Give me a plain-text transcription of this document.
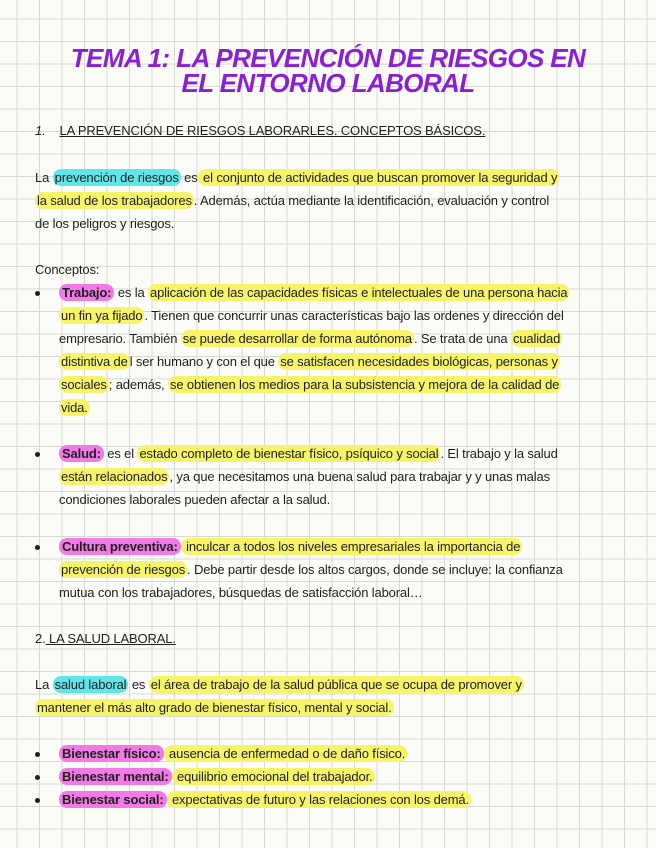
TEMA 1: LA PREVENCIÓN DE RIESGOS EN
EL ENTORNO LABORAL
1. LA PREVENCIÓN DE RIESGOS LABORARLES. CONCEPTOS BÁSICOS.
La prevención de riesgos es el conjunto de actividades que buscan promover la seguridad y
la salud de los trabajadores . Además, actúa mediante la identificación, evaluación y control
de los peligros y riesgos.
Conceptos:
Trabajo: es la aplicación de las capacidades físicas e intelectuales de una persona hacia
un fin ya fijado . Tienen que concurrir unas características bajo las ordenes y dirección del
empresario. También se puede desarrollar de forma autónoma . Se trata de una cualidad
distintiva de l ser humano y con el que se satisfacen necesidades biológicas, personas y
sociales ; además, se obtienen los medios para la subsistencia y mejora de la calidad de
vida.
Salud: es el estado completo de bienestar físico, psíquico y social . El trabajo y la salud
están relacionados , ya que necesitamos una buena salud para trabajar y y unas malas
condiciones laborales pueden afectar a la salud.
Cultura preventiva: inculcar a todos los niveles empresariales la importancia de
prevención de riesgos . Debe partir desde los altos cargos, donde se incluye: la confianza
mutua con los trabajadores, búsquedas de satisfacción laboral…
2. LA SALUD LABORAL.
La salud laboral es el área de trabajo de la salud pública que se ocupa de promover y
mantener el más alto grado de bienestar físico, mental y social.
Bienestar físico: ausencia de enfermedad o de daño físico.
Bienestar mental: equilibrio emocional del trabajador.
Bienestar social: expectativas de futuro y las relaciones con los demá.
